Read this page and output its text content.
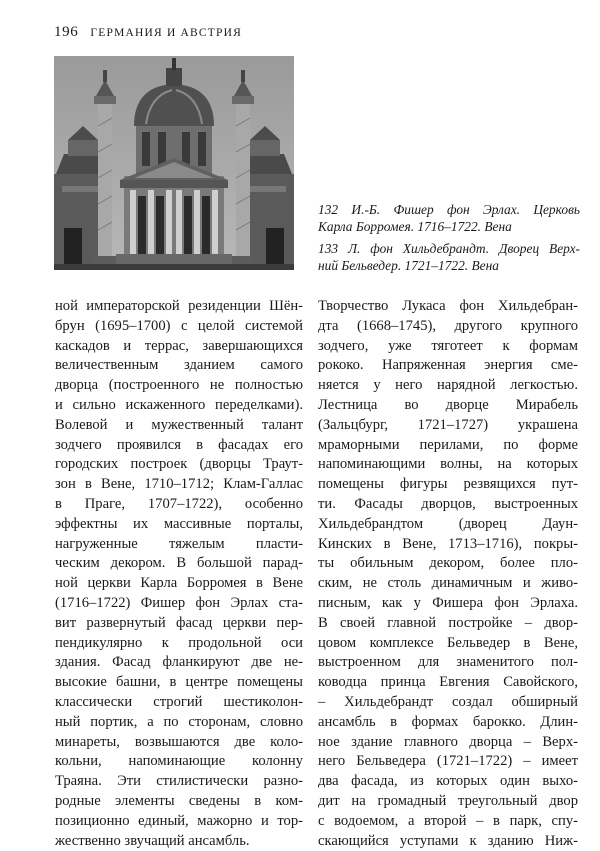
196 ГЕРМАНИЯ И АВСТРИЯ
132 И.-Б. Фишер фон Эрлах. Церковь
Карла Борромея. 1716–1722. Вена
133 Л. фон Хильдебрандт. Дворец Верх-
ний Бельведер. 1721–1722. Вена
ной императорской резиденции Шён-
брун (1695–1700) с целой системой
каскадов и террас, завершающихся
величественным зданием самого
дворца (построенного не полностью
и сильно искаженного переделками).
Волевой и мужественный талант
зодчего проявился в фасадах его
городских построек (дворцы Траут-
зон в Вене, 1710–1712; Клам-Галлас
в Праге, 1707–1722), особенно
эффектны их массивные порталы,
нагруженные тяжелым пласти-
ческим декором. В большой парад-
ной церкви Карла Борромея в Вене
(1716–1722) Фишер фон Эрлах ста-
вит развернутый фасад церкви пер-
пендикулярно к продольной оси
здания. Фасад фланкируют две не-
высокие башни, в центре помещены
классически строгий шестиколон-
ный портик, а по сторонам, словно
минареты, возвышаются две коло-
кольни, напоминающие колонну
Траяна. Эти стилистически разно-
родные элементы сведены в ком-
позиционно единый, мажорно и тор-
жественно звучащий ансамбль.
Творчество Лукаса фон Хильдебран-
дта (1668–1745), другого крупного
зодчего, уже тяготеет к формам
рококо. Напряженная энергия сме-
няется у него нарядной легкостью.
Лестница во дворце Мирабель
(Зальцбург, 1721–1727) украшена
мраморными перилами, по форме
напоминающими волны, на которых
помещены фигуры резвящихся пут-
ти. Фасады дворцов, выстроенных
Хильдебрандтом (дворец Даун-
Кинских в Вене, 1713–1716), покры-
ты обильным декором, более пло-
ским, не столь динамичным и живо-
писным, как у Фишера фон Эрлаха.
В своей главной постройке – двор-
цовом комплексе Бельведер в Вене,
выстроенном для знаменитого пол-
ководца принца Евгения Савойского,
– Хильдебрандт создал обширный
ансамбль в формах барокко. Длин-
ное здание главного дворца – Верх-
него Бельведера (1721–1722) – имеет
два фасада, из которых один выхо-
дит на громадный треугольный двор
с водоемом, а второй – в парк, спу-
скающийся уступами к зданию Ниж-
